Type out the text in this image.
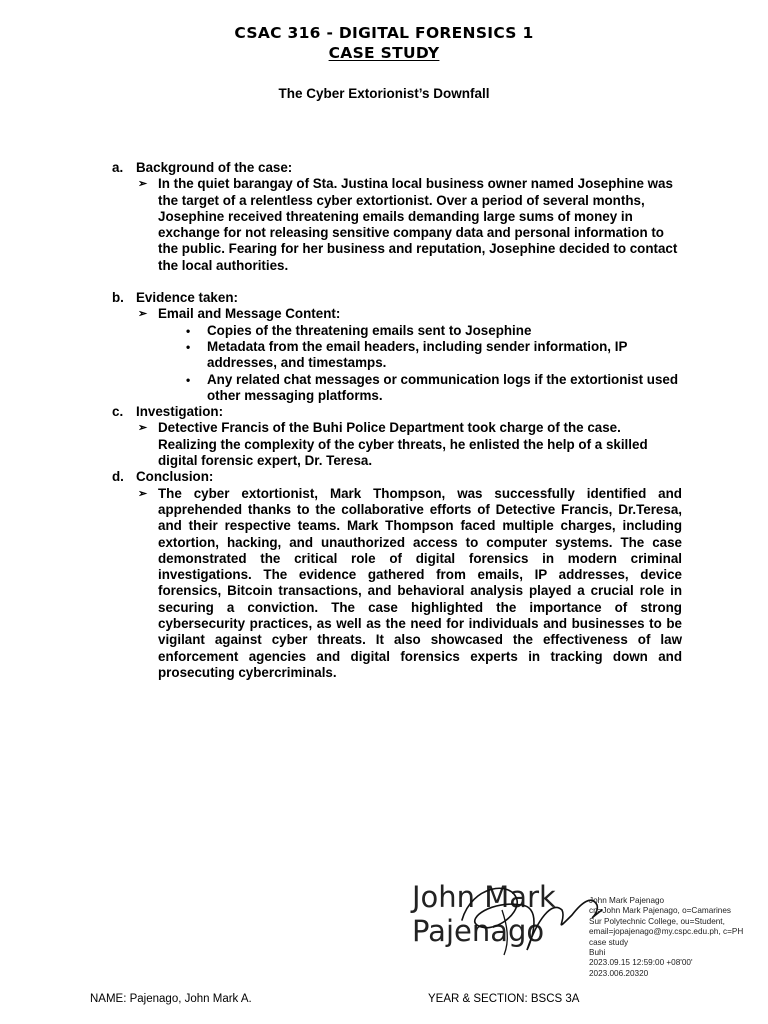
CSAC 316 - DIGITAL FORENSICS 1
CASE STUDY
The Cyber Extorionist’s Downfall
a. Background of the case:
➢ In the quiet barangay of Sta. Justina local business owner named Josephine was the target of a relentless cyber extortionist. Over a period of several months, Josephine received threatening emails demanding large sums of money in exchange for not releasing sensitive company data and personal information to the public. Fearing for her business and reputation, Josephine decided to contact the local authorities.
b. Evidence taken:
➢ Email and Message Content:
•	Copies of the threatening emails sent to Josephine
•	Metadata from the email headers, including sender information, IP addresses, and timestamps.
•	Any related chat messages or communication logs if the extortionist used other messaging platforms.
c. Investigation:
➢ Detective Francis of the Buhi Police Department took charge of the case. Realizing the complexity of the cyber threats, he enlisted the help of a skilled digital forensic expert, Dr. Teresa.
d. Conclusion:
➢ The cyber extortionist, Mark Thompson, was successfully identified and apprehended thanks to the collaborative efforts of Detective Francis, Dr.Teresa, and their respective teams. Mark Thompson faced multiple charges, including extortion, hacking, and unauthorized access to computer systems. The case demonstrated the critical role of digital forensics in modern criminal investigations. The evidence gathered from emails, IP addresses, device forensics, Bitcoin transactions, and behavioral analysis played a crucial role in securing a conviction. The case highlighted the importance of strong cybersecurity practices, as well as the need for individuals and businesses to be vigilant against cyber threats. It also showcased the effectiveness of law enforcement agencies and digital forensics experts in tracking down and prosecuting cybercriminals.
John Mark
Pajenago
John Mark Pajenago
cn=John Mark Pajenago, o=Camarines
Sur Polytechnic College, ou=Student,
email=jopajenago@my.cspc.edu.ph, c=PH
case study
Buhi
2023.09.15 12:59:00 +08'00'
2023.006.20320
NAME: Pajenago, John Mark A.	YEAR & SECTION: BSCS 3A
